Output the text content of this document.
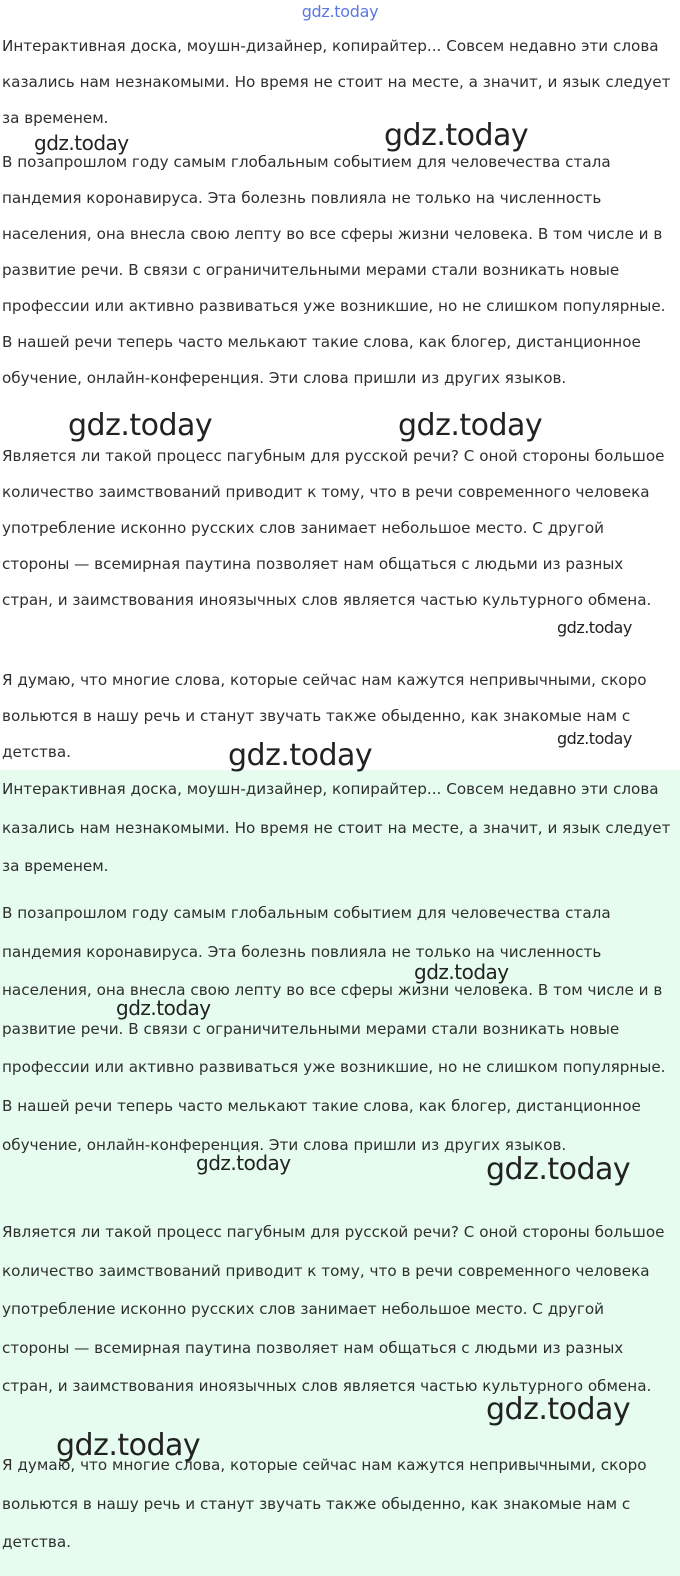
gdz.today

Интерактивная доска, моушн-дизайнер, копирайтер... Совсем недавно эти слова казались нам незнакомыми. Но время не стоит на месте, а значит, и язык следует за временем.

В позапрошлом году самым глобальным событием для человечества стала пандемия коронавируса. Эта болезнь повлияла не только на численность населения, она внесла свою лепту во все сферы жизни человека. В том числе и в развитие речи. В связи с ограничительными мерами стали возникать новые профессии или активно развиваться уже возникшие, но не слишком популярные. В нашей речи теперь часто мелькают такие слова, как блогер, дистанционное обучение, онлайн-конференция. Эти слова пришли из других языков.

Является ли такой процесс пагубным для русской речи? С оной стороны большое количество заимствований приводит к тому, что в речи современного человека употребление исконно русских слов занимает небольшое место. С другой стороны — всемирная паутина позволяет нам общаться с людьми из разных стран, и заимствования иноязычных слов является частью культурного обмена.

Я думаю, что многие слова, которые сейчас нам кажутся непривычными, скоро вольются в нашу речь и станут звучать также обыденно, как знакомые нам с детства.

Интерактивная доска, моушн-дизайнер, копирайтер... Совсем недавно эти слова казались нам незнакомыми. Но время не стоит на месте, а значит, и язык следует за временем.

В позапрошлом году самым глобальным событием для человечества стала пандемия коронавируса. Эта болезнь повлияла не только на численность населения, она внесла свою лепту во все сферы жизни человека. В том числе и в развитие речи. В связи с ограничительными мерами стали возникать новые профессии или активно развиваться уже возникшие, но не слишком популярные. В нашей речи теперь часто мелькают такие слова, как блогер, дистанционное обучение, онлайн-конференция. Эти слова пришли из других языков.

Является ли такой процесс пагубным для русской речи? С оной стороны большое количество заимствований приводит к тому, что в речи современного человека употребление исконно русских слов занимает небольшое место. С другой стороны — всемирная паутина позволяет нам общаться с людьми из разных стран, и заимствования иноязычных слов является частью культурного обмена.

Я думаю, что многие слова, которые сейчас нам кажутся непривычными, скоро вольются в нашу речь и станут звучать также обыденно, как знакомые нам с детства.

gdz.today	gdz.today
gdz.today	gdz.today
gdz.today
gdz.today
gdz.today
gdz.today
gdz.today
gdz.today	gdz.today
gdz.today
gdz.today
